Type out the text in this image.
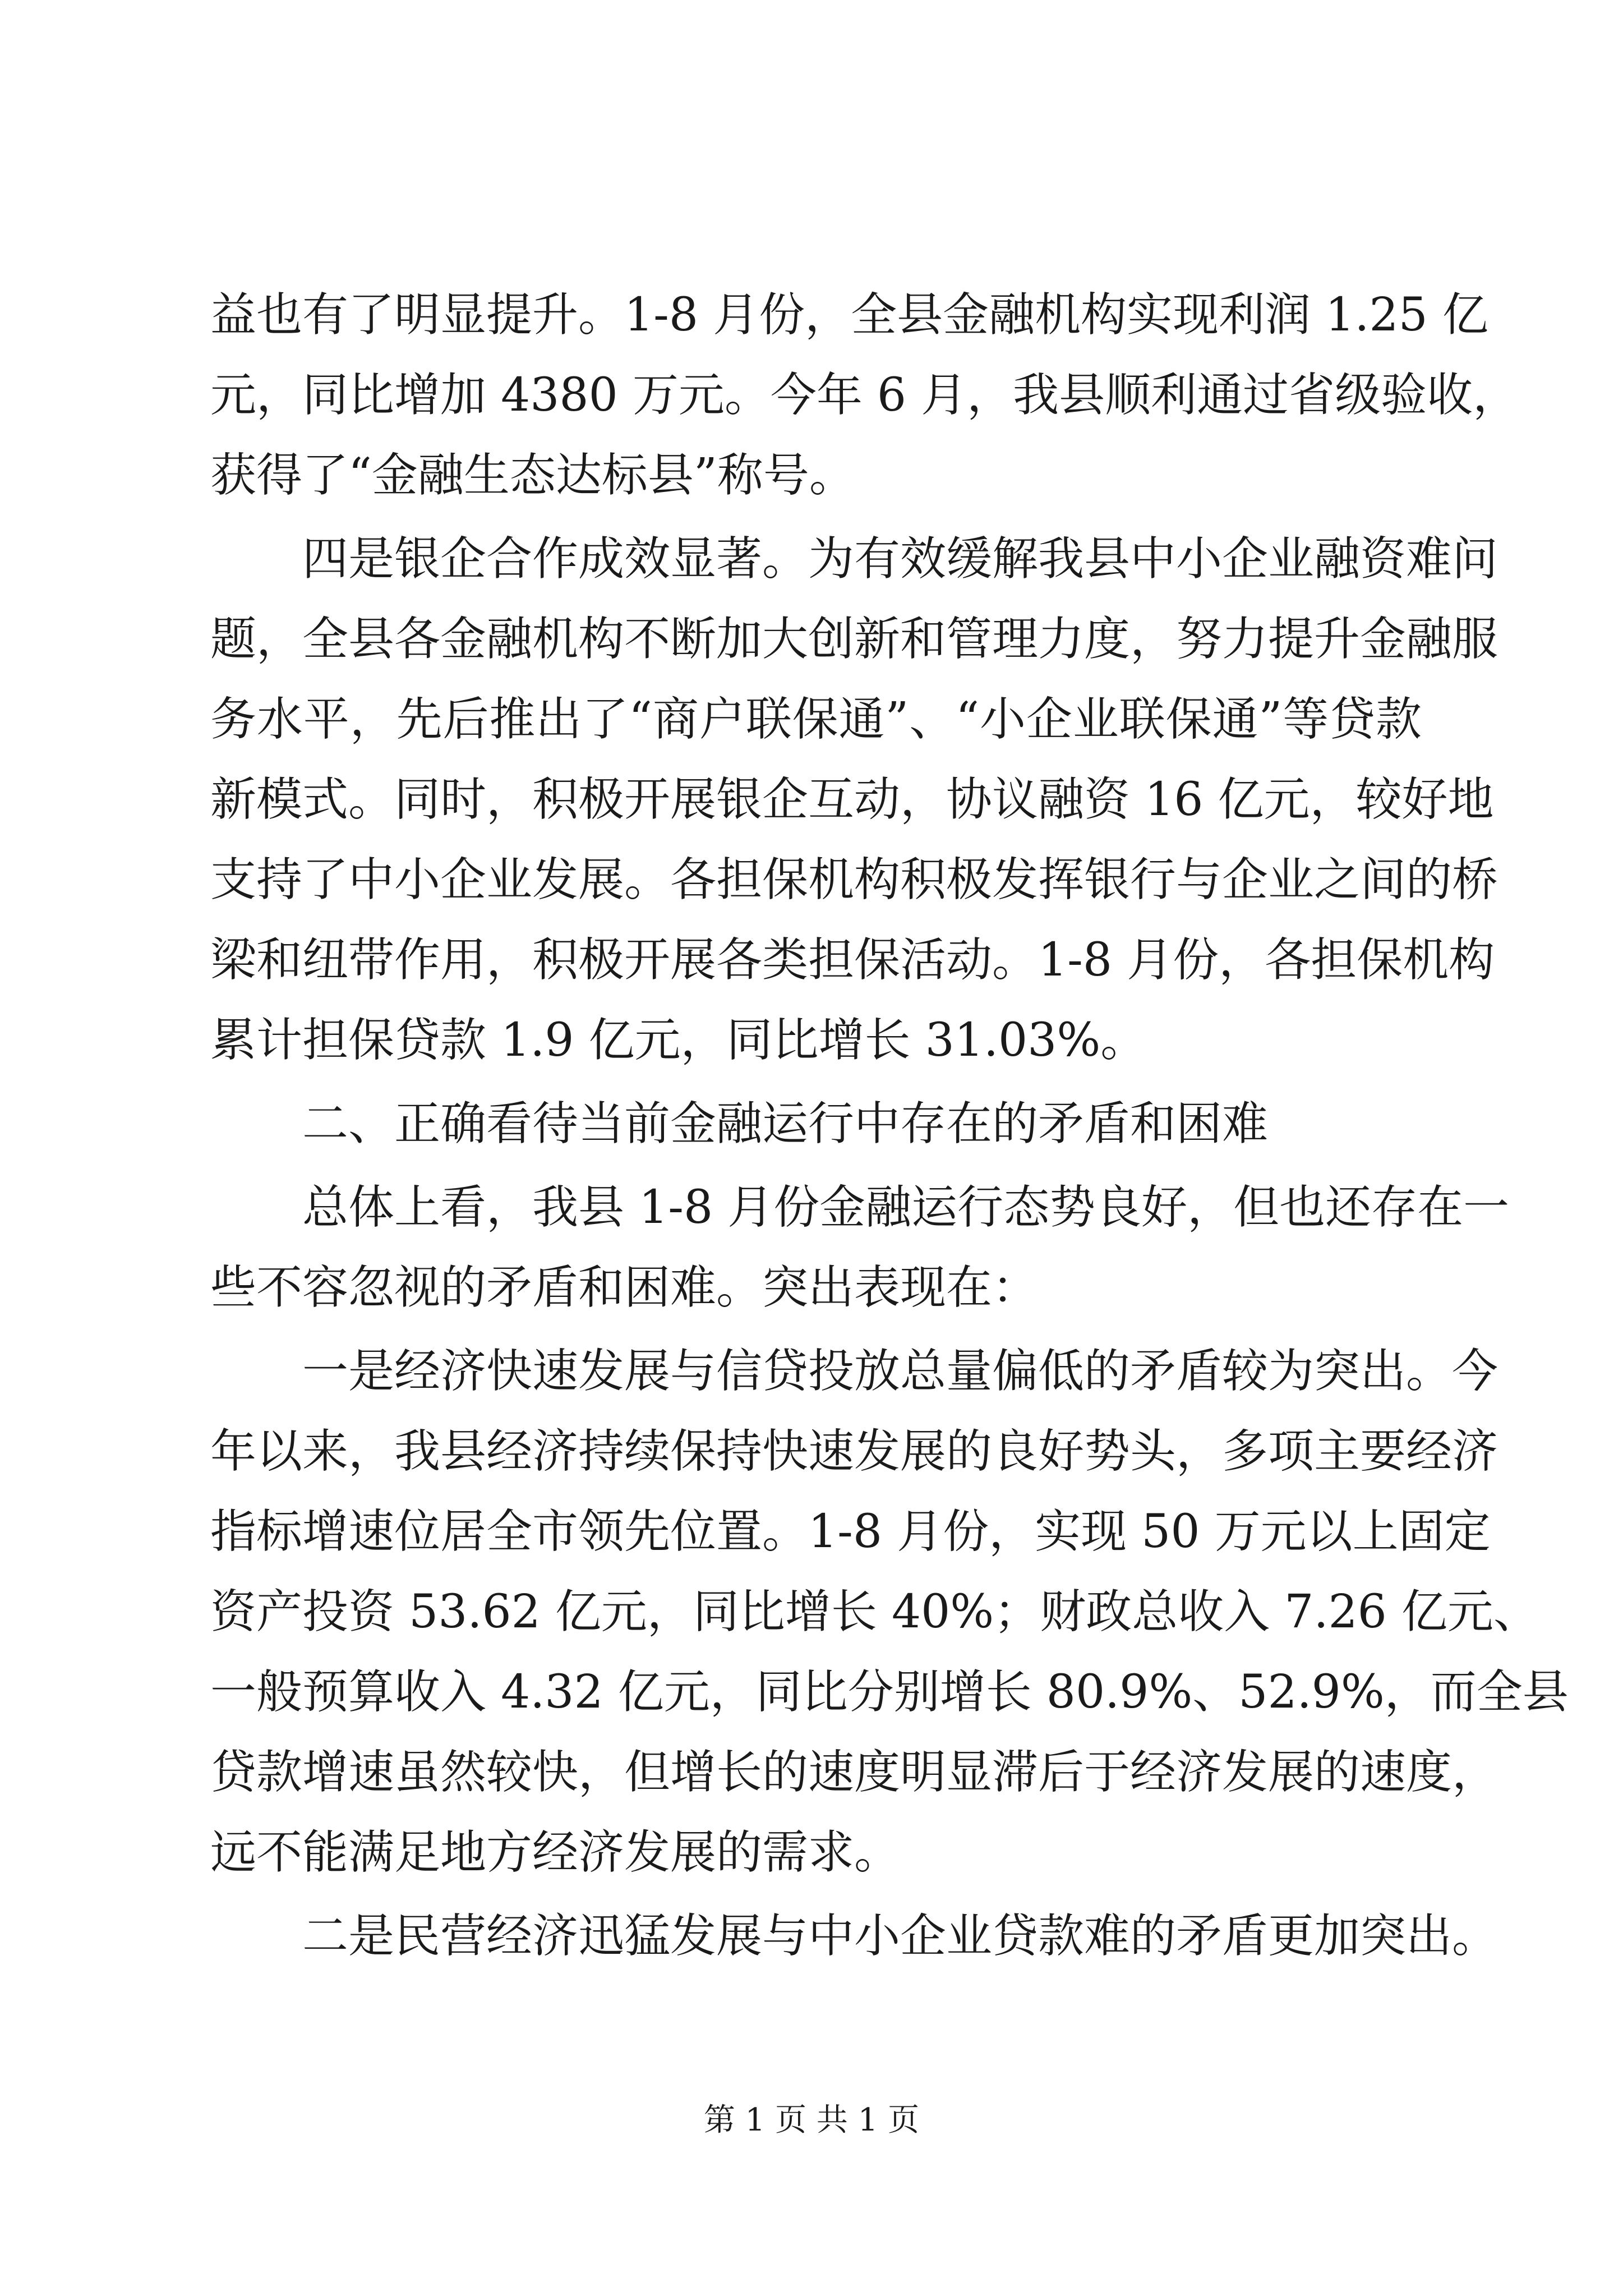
益也有了明显提升。1-8 月份，全县金融机构实现利润 1.25 亿
元，同比增加 4380 万元。今年 6 月，我县顺利通过省级验收，
获得了“金融生态达标县”称号。
四是银企合作成效显著。为有效缓解我县中小企业融资难问
题，全县各金融机构不断加大创新和管理力度，努力提升金融服
务水平，先后推出了“商户联保通”、“小企业联保通”等贷款
新模式。同时，积极开展银企互动，协议融资 16 亿元，较好地
支持了中小企业发展。各担保机构积极发挥银行与企业之间的桥
梁和纽带作用，积极开展各类担保活动。1-8 月份，各担保机构
累计担保贷款 1.9 亿元，同比增长 31.03%。
二、正确看待当前金融运行中存在的矛盾和困难
总体上看，我县 1-8 月份金融运行态势良好，但也还存在一
些不容忽视的矛盾和困难。突出表现在：
一是经济快速发展与信贷投放总量偏低的矛盾较为突出。今
年以来，我县经济持续保持快速发展的良好势头，多项主要经济
指标增速位居全市领先位置。1-8 月份，实现 50 万元以上固定
资产投资 53.62 亿元，同比增长 40%；财政总收入 7.26 亿元、
一般预算收入 4.32 亿元，同比分别增长 80.9%、52.9%，而全县
贷款增速虽然较快，但增长的速度明显滞后于经济发展的速度，
远不能满足地方经济发展的需求。
二是民营经济迅猛发展与中小企业贷款难的矛盾更加突出。
第 1 页 共 1 页
